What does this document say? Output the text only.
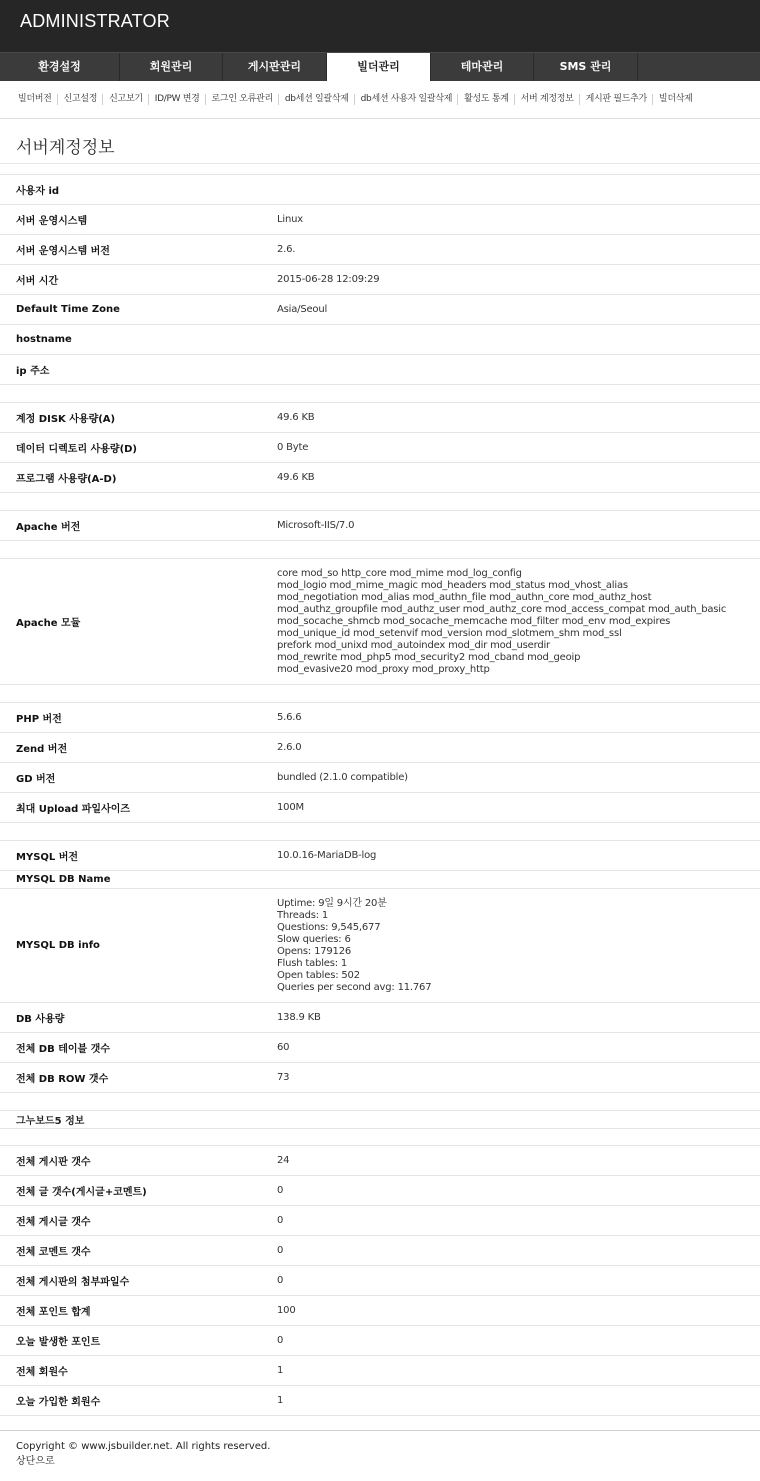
ADMINISTRATOR
환경설정	회원관리	게시판관리	빌더관리	테마관리	SMS 관리
빌더버전	신고설정	신고보기	ID/PW 변경	로그인 오류관리	db세션 일괄삭제	db세션 사용자 일괄삭제	활성도 통계	서버 계정정보	게시판 필드추가	빌더삭제
서버계정정보
사용자 id
서버 운영시스템	Linux
서버 운영시스템 버전	2.6.
서버 시간	2015-06-28 12:09:29
Default Time Zone	Asia/Seoul
hostname
ip 주소
계정 DISK 사용량(A)	49.6 KB
데이터 디렉토리 사용량(D)	0 Byte
프로그램 사용량(A-D)	49.6 KB
Apache 버전	Microsoft-IIS/7.0
Apache 모듈
core mod_so http_core mod_mime mod_log_config
mod_logio mod_mime_magic mod_headers mod_status mod_vhost_alias
mod_negotiation mod_alias mod_authn_file mod_authn_core mod_authz_host
mod_authz_groupfile mod_authz_user mod_authz_core mod_access_compat mod_auth_basic
mod_socache_shmcb mod_socache_memcache mod_filter mod_env mod_expires
mod_unique_id mod_setenvif mod_version mod_slotmem_shm mod_ssl
prefork mod_unixd mod_autoindex mod_dir mod_userdir
mod_rewrite mod_php5 mod_security2 mod_cband mod_geoip
mod_evasive20 mod_proxy mod_proxy_http
PHP 버전	5.6.6
Zend 버전	2.6.0
GD 버전	bundled (2.1.0 compatible)
최대 Upload 파일사이즈	100M
MYSQL 버전	10.0.16-MariaDB-log
MYSQL DB Name
MYSQL DB info
Uptime: 9일 9시간 20분
Threads: 1
Questions: 9,545,677
Slow queries: 6
Opens: 179126
Flush tables: 1
Open tables: 502
Queries per second avg: 11.767
DB 사용량	138.9 KB
전체 DB 테이블 갯수	60
전체 DB ROW 갯수	73
그누보드5 정보
전체 게시판 갯수	24
전체 글 갯수(게시글+코멘트)	0
전체 게시글 갯수	0
전체 코멘트 갯수	0
전체 게시판의 첨부파일수	0
전체 포인트 합계	100
오늘 발생한 포인트	0
전체 회원수	1
오늘 가입한 회원수	1
Copyright © www.jsbuilder.net. All rights reserved.
상단으로
